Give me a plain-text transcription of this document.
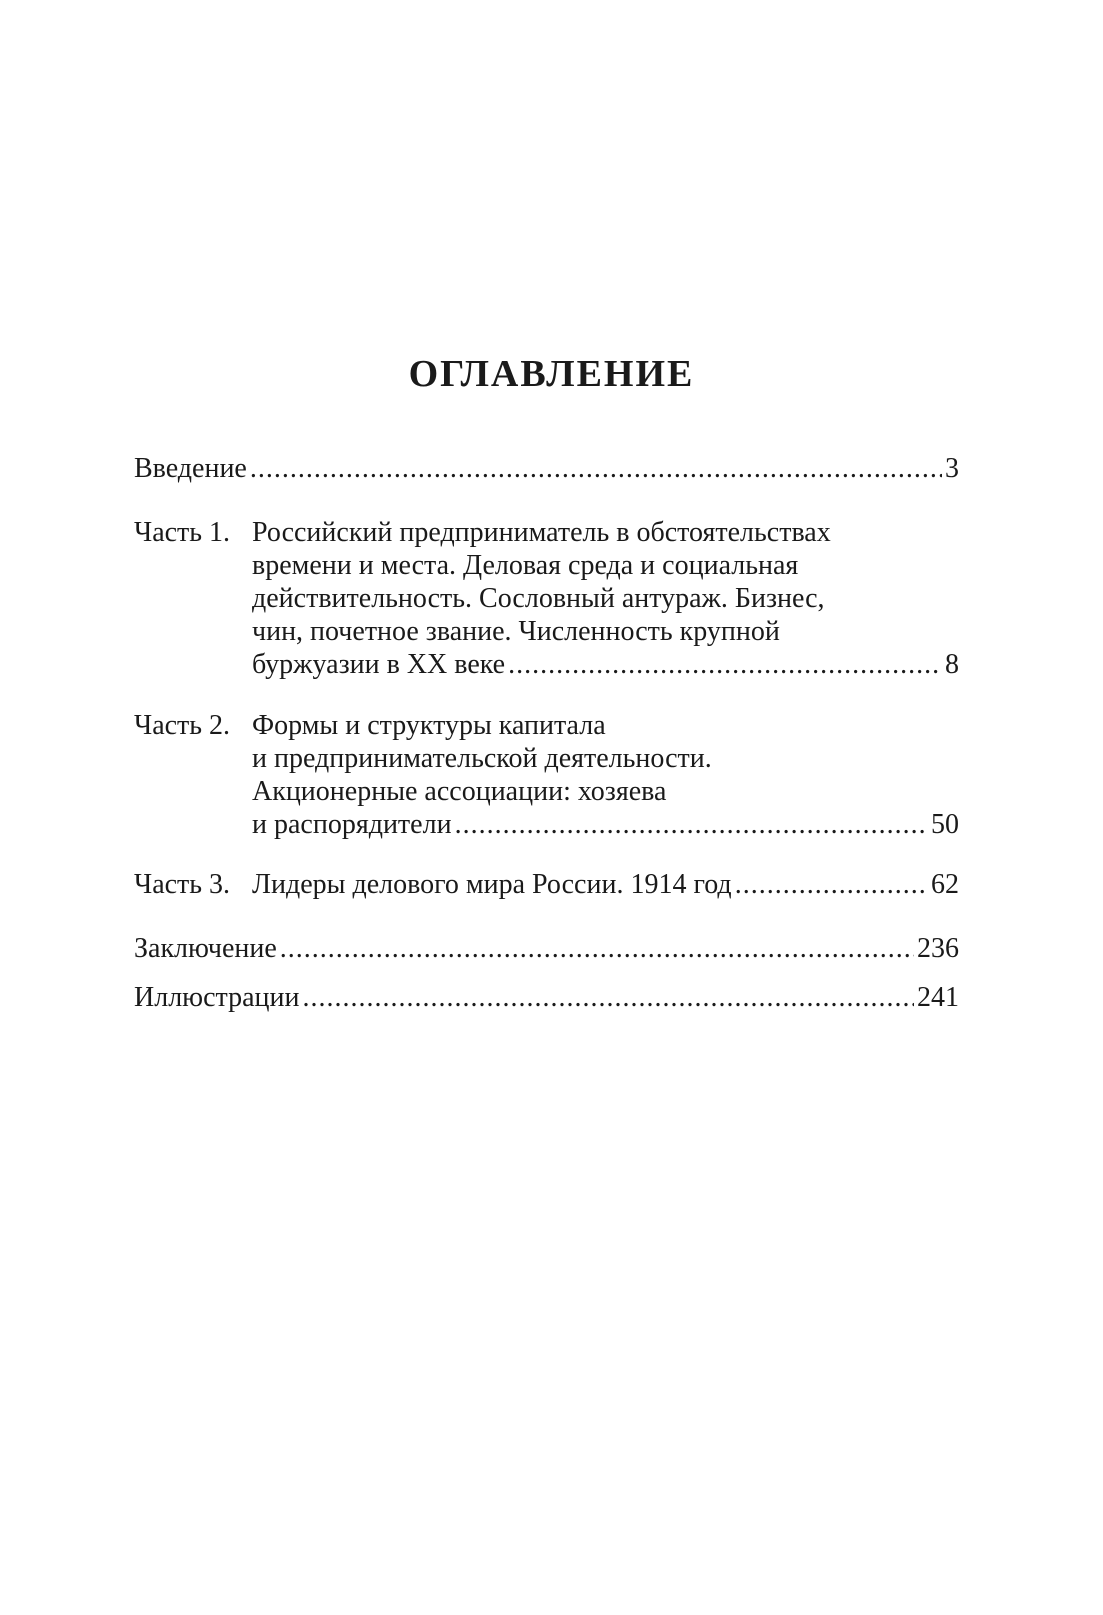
ОГЛАВЛЕНИЕ
Введение .....	3
Часть 1. Российский предприниматель в обстоятельствах
времени и места. Деловая среда и социальная
действительность. Сословный антураж. Бизнес,
чин, почетное звание. Численность крупной
буржуазии в XX веке .....	8
Часть 2. Формы и структуры капитала
и предпринимательской деятельности.
Акционерные ассоциации: хозяева
и распорядители .....	50
Часть 3. Лидеры делового мира России. 1914 год .....	62
Заключение .....	236
Иллюстрации .....	241
